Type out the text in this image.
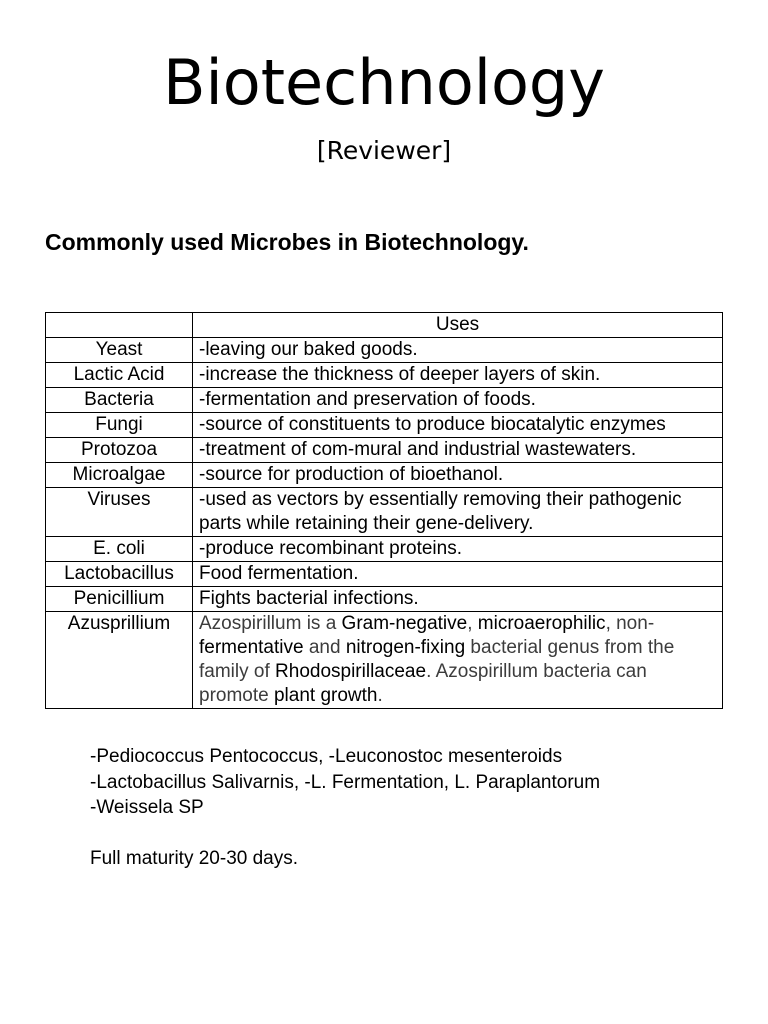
Biotechnology
[Reviewer]
Commonly used Microbes in Biotechnology.
	Uses
Yeast	-leaving our baked goods.
Lactic Acid	-increase the thickness of deeper layers of skin.
Bacteria	-fermentation and preservation of foods.
Fungi	-source of constituents to produce biocatalytic enzymes
Protozoa	-treatment of com-mural and industrial wastewaters.
Microalgae	-source for production of bioethanol.
Viruses	-used as vectors by essentially removing their pathogenic parts while retaining their gene-delivery.
E. coli	-produce recombinant proteins.
Lactobacillus	Food fermentation.
Penicillium	Fights bacterial infections.
Azusprillium	Azospirillum is a Gram-negative, microaerophilic, non-fermentative and nitrogen-fixing bacterial genus from the family of Rhodospirillaceae. Azospirillum bacteria can promote plant growth.
-Pediococcus Pentococcus, -Leuconostoc mesenteroids
-Lactobacillus Salivarnis, -L. Fermentation, L. Paraplantorum
-Weissela SP
Full maturity 20-30 days.
